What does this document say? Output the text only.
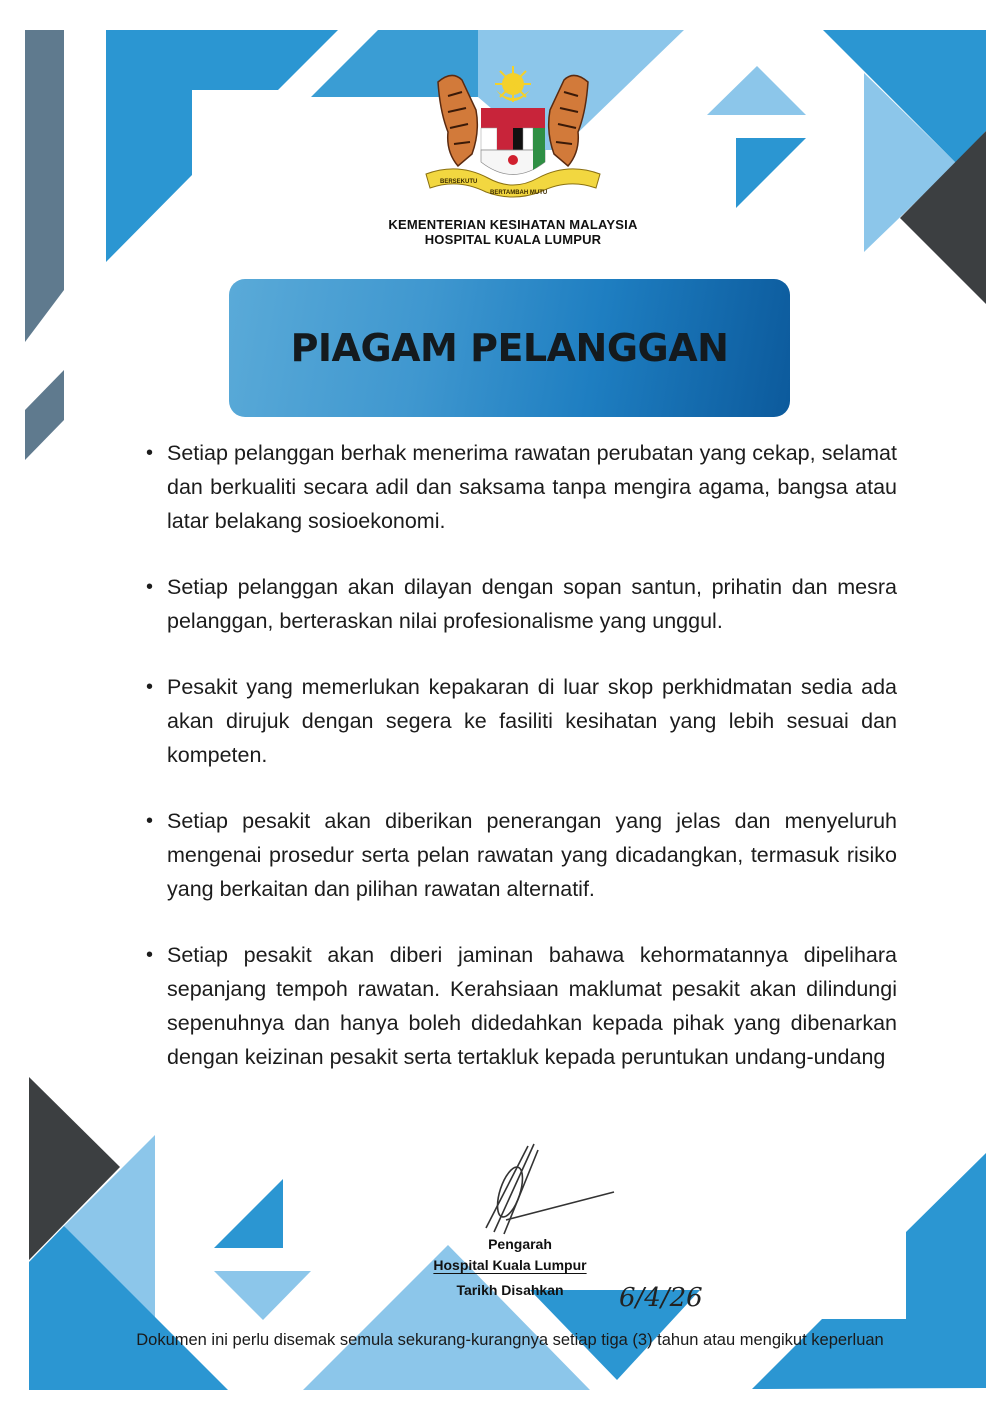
BERSEKUTU
BERTAMBAH MUTU
KEMENTERIAN KESIHATAN MALAYSIA
HOSPITAL KUALA LUMPUR
PIAGAM PELANGGAN
• Setiap pelanggan berhak menerima rawatan perubatan yang cekap, selamat dan berkualiti secara adil dan saksama tanpa mengira agama, bangsa atau latar belakang sosioekonomi.
• Setiap pelanggan akan dilayan dengan sopan santun, prihatin dan mesra pelanggan, berteraskan nilai profesionalisme yang unggul.
• Pesakit yang memerlukan kepakaran di luar skop perkhidmatan sedia ada akan dirujuk dengan segera ke fasiliti kesihatan yang lebih sesuai dan kompeten.
• Setiap pesakit akan diberikan penerangan yang jelas dan menyeluruh mengenai prosedur serta pelan rawatan yang dicadangkan, termasuk risiko yang berkaitan dan pilihan rawatan alternatif.
• Setiap pesakit akan diberi jaminan bahawa kehormatannya dipelihara sepanjang tempoh rawatan. Kerahsiaan maklumat pesakit akan dilindungi sepenuhnya dan hanya boleh didedahkan kepada pihak yang dibenarkan dengan keizinan pesakit serta tertakluk kepada peruntukan undang-undang
Pengarah
Hospital Kuala Lumpur
Tarikh Disahkan	6/4/26
Dokumen ini perlu disemak semula sekurang-kurangnya setiap tiga (3) tahun atau mengikut keperluan
